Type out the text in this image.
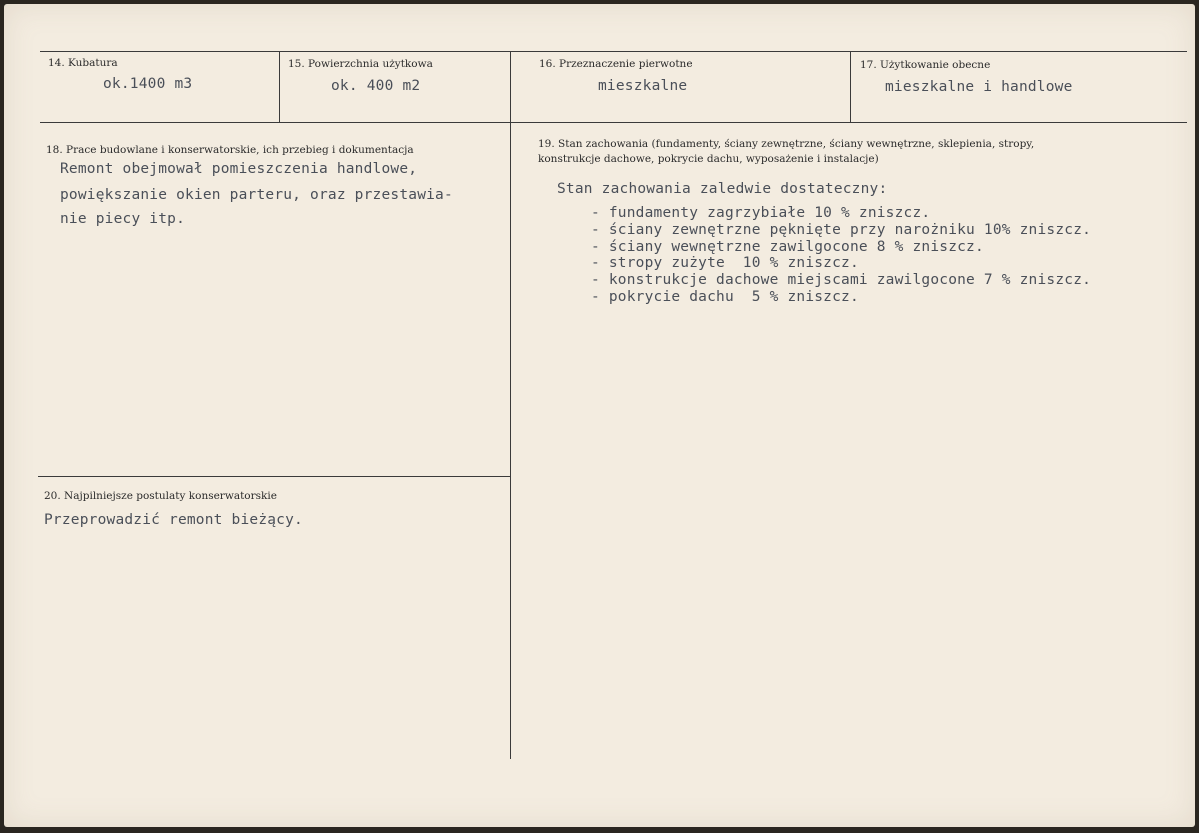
14. Kubatura
ok.1400 m3
15. Powierzchnia użytkowa
ok. 400 m2
16. Przeznaczenie pierwotne
mieszkalne
17. Użytkowanie obecne
mieszkalne i handlowe
18. Prace budowlane i konserwatorskie, ich przebieg i dokumentacja
Remont obejmował pomieszczenia handlowe,
powiększanie okien parteru, oraz przestawia-
nie piecy itp.
19. Stan zachowania (fundamenty, ściany zewnętrzne, ściany wewnętrzne, sklepienia, stropy,
konstrukcje dachowe, pokrycie dachu, wyposażenie i instalacje)
Stan zachowania zaledwie dostateczny:
- fundamenty zagrzybiałe 10 % zniszcz.
- ściany zewnętrzne pęknięte przy narożniku 10% zniszcz.
- ściany wewnętrzne zawilgocone 8 % zniszcz.
- stropy zużyte  10 % zniszcz.
- konstrukcje dachowe miejscami zawilgocone 7 % zniszcz.
- pokrycie dachu  5 % zniszcz.
20. Najpilniejsze postulaty konserwatorskie
Przeprowadzić remont bieżący.
